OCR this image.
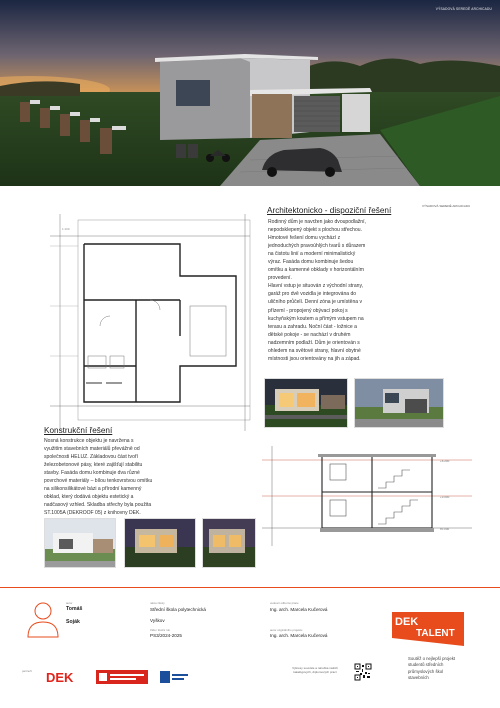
VÝSADOVÁ SEREDĚ ARCHICADU
1:100
Architektonicko - dispoziční řešení	VÝSADOVÁ SEREDĚ ARCHICADU
Rodinný dům je navržen jako dvoupodlažní,
nepodsklepený objekt s plochou střechou.
Hmotové řešení domu vychází z
jednoduchých pravoúhlých tvarů s důrazem
na čistotu linií a moderní minimalistický
výraz. Fasáda domu kombinuje šedou
omítku a kamenné obklady v horizontálním
provedení.
Hlavní vstup je situován z východní strany,
garáž pro dvě vozidla je integrována do
uličního průčelí. Denní zóna je umístěna v
přízemí - propojený obývací pokoj s
kuchyňským koutem a přímým vstupem na
terasu a zahradu. Noční část - ložnice a
dětské pokoje - se nachází v druhém
nadzemním podlaží. Dům je orientován s
ohledem na světové strany, hlavní obytné
místnosti jsou orientovány na jih a západ.
Konstrukční řešení
Nosná konstrukce objektu je navržena s
využitím stavebních materiálů převážně od
společnosti HELUZ. Základovou část tvoří
železobetonové pásy, které zajišťují stabilitu
stavby. Fasáda domu kombinuje dva různé
povrchové materiály – bílou tenkovrstvou omítku
na silikonsilikátové bázi a přírodní kamenný
obklad, který dodává objektu estetický a
nadčasový vzhled. Skladba střechy byla použita
ST.1005A (DEKROOF 05) z knihovny DEK.
+3.000
+6.200
±0.000
autor
Tomáš
Soják
název školy
Střední škola polytechnická
Vyškov
třída / školní rok
PS3/2024-2025
vedoucí odborné práce
Ing. arch. Marcela Kučerová
autor originálního projektu
Ing. arch. Marcela Kučerová
DEK
TALENT
Soutěž o nejlepší projekt
studentů středních
průmyslových škol
stavebních
partneři: DEK
Výkresy souvisle a náročka našich
katalógových, diplomových prací
